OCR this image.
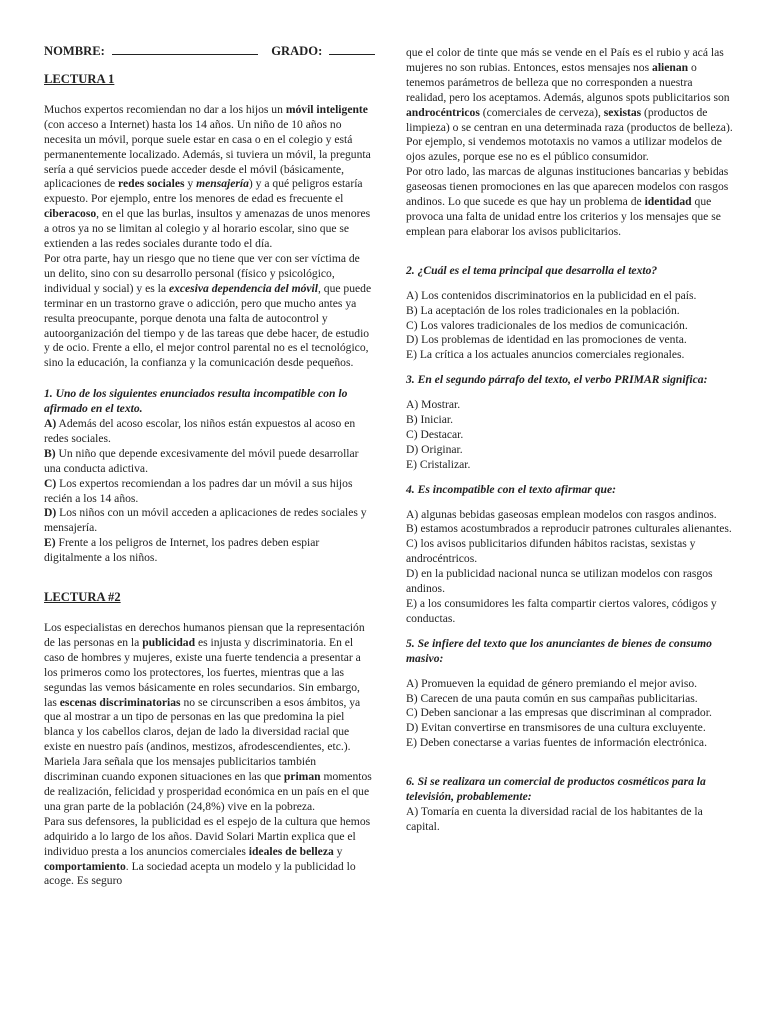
NOMBRE:	GRADO:

LECTURA 1

Muchos expertos recomiendan no dar a los hijos un móvil inteligente (con acceso a Internet) hasta los 14 años. Un niño de 10 años no necesita un móvil, porque suele estar en casa o en el colegio y está permanentemente localizado. Además, si tuviera un móvil, la pregunta sería a qué servicios puede acceder desde el móvil (básicamente, aplicaciones de redes sociales y mensajería) y a qué peligros estaría expuesto. Por ejemplo, entre los menores de edad es frecuente el ciberacoso, en el que las burlas, insultos y amenazas de unos menores a otros ya no se limitan al colegio y al horario escolar, sino que se extienden a las redes sociales durante todo el día.

Por otra parte, hay un riesgo que no tiene que ver con ser víctima de un delito, sino con su desarrollo personal (físico y psicológico, individual y social) y es la excesiva dependencia del móvil, que puede terminar en un trastorno grave o adicción, pero que mucho antes ya resulta preocupante, porque denota una falta de autocontrol y autoorganización del tiempo y de las tareas que debe hacer, de estudio y de ocio. Frente a ello, el mejor control parental no es el tecnológico, sino la educación, la confianza y la comunicación desde pequeños.

1. Uno de los siguientes enunciados resulta incompatible con lo afirmado en el texto.

A) Además del acoso escolar, los niños están expuestos al acoso en redes sociales.

B) Un niño que depende excesivamente del móvil puede desarrollar una conducta adictiva.

C) Los expertos recomiendan a los padres dar un móvil a sus hijos recién a los 14 años.

D) Los niños con un móvil acceden a aplicaciones de redes sociales y mensajería.

E) Frente a los peligros de Internet, los padres deben espiar digitalmente a los niños.

LECTURA #2

Los especialistas en derechos humanos piensan que la representación de las personas en la publicidad es injusta y discriminatoria. En el caso de hombres y mujeres, existe una fuerte tendencia a presentar a los primeros como los protectores, los fuertes, mientras que a las segundas las vemos básicamente en roles secundarios. Sin embargo, las escenas discriminatorias no se circunscriben a esos ámbitos, ya que al mostrar a un tipo de personas en las que predomina la piel blanca y los cabellos claros, dejan de lado la diversidad racial que existe en nuestro país (andinos, mestizos, afrodescendientes, etc.).

Mariela Jara señala que los mensajes publicitarios también discriminan cuando exponen situaciones en las que priman momentos de realización, felicidad y prosperidad económica en un país en el que una gran parte de la población (24,8%) vive en la pobreza.

Para sus defensores, la publicidad es el espejo de la cultura que hemos adquirido a lo largo de los años. David Solari Martin explica que el individuo presta a los anuncios comerciales ideales de belleza y comportamiento. La sociedad acepta un modelo y la publicidad lo acoge. Es seguro

que el color de tinte que más se vende en el País es el rubio y acá las mujeres no son rubias. Entonces, estos mensajes nos alienan o tenemos parámetros de belleza que no corresponden a nuestra realidad, pero los aceptamos. Además, algunos spots publicitarios son androcéntricos (comerciales de cerveza), sexistas (productos de limpieza) o se centran en una determinada raza (productos de belleza). Por ejemplo, si vendemos mototaxis no vamos a utilizar modelos de ojos azules, porque ese no es el público consumidor.

Por otro lado, las marcas de algunas instituciones bancarias y bebidas gaseosas tienen promociones en las que aparecen modelos con rasgos andinos. Lo que sucede es que hay un problema de identidad que provoca una falta de unidad entre los criterios y los mensajes que se emplean para elaborar los avisos publicitarios.

2. ¿Cuál es el tema principal que desarrolla el texto?

A) Los contenidos discriminatorios en la publicidad en el país.

B) La aceptación de los roles tradicionales en la población.

C) Los valores tradicionales de los medios de comunicación.

D) Los problemas de identidad en las promociones de venta.

E) La crítica a los actuales anuncios comerciales regionales.

3. En el segundo párrafo del texto, el verbo PRIMAR significa:

A) Mostrar.

B) Iniciar.

C) Destacar.

D) Originar.

E) Cristalizar.

4. Es incompatible con el texto afirmar que:

A) algunas bebidas gaseosas emplean modelos con rasgos andinos.

B) estamos acostumbrados a reproducir patrones culturales alienantes.

C) los avisos publicitarios difunden hábitos racistas, sexistas y androcéntricos.

D) en la publicidad nacional nunca se utilizan modelos con rasgos andinos.

E) a los consumidores les falta compartir ciertos valores, códigos y conductas.

5. Se infiere del texto que los anunciantes de bienes de consumo masivo:

A) Promueven la equidad de género premiando el mejor aviso.

B) Carecen de una pauta común en sus campañas publicitarias.

C) Deben sancionar a las empresas que discriminan al comprador.

D) Evitan convertirse en transmisores de una cultura excluyente.

E) Deben conectarse a varias fuentes de información electrónica.

6. Si se realizara un comercial de productos cosméticos para la televisión, probablemente:

A) Tomaría en cuenta la diversidad racial de los habitantes de la capital.
